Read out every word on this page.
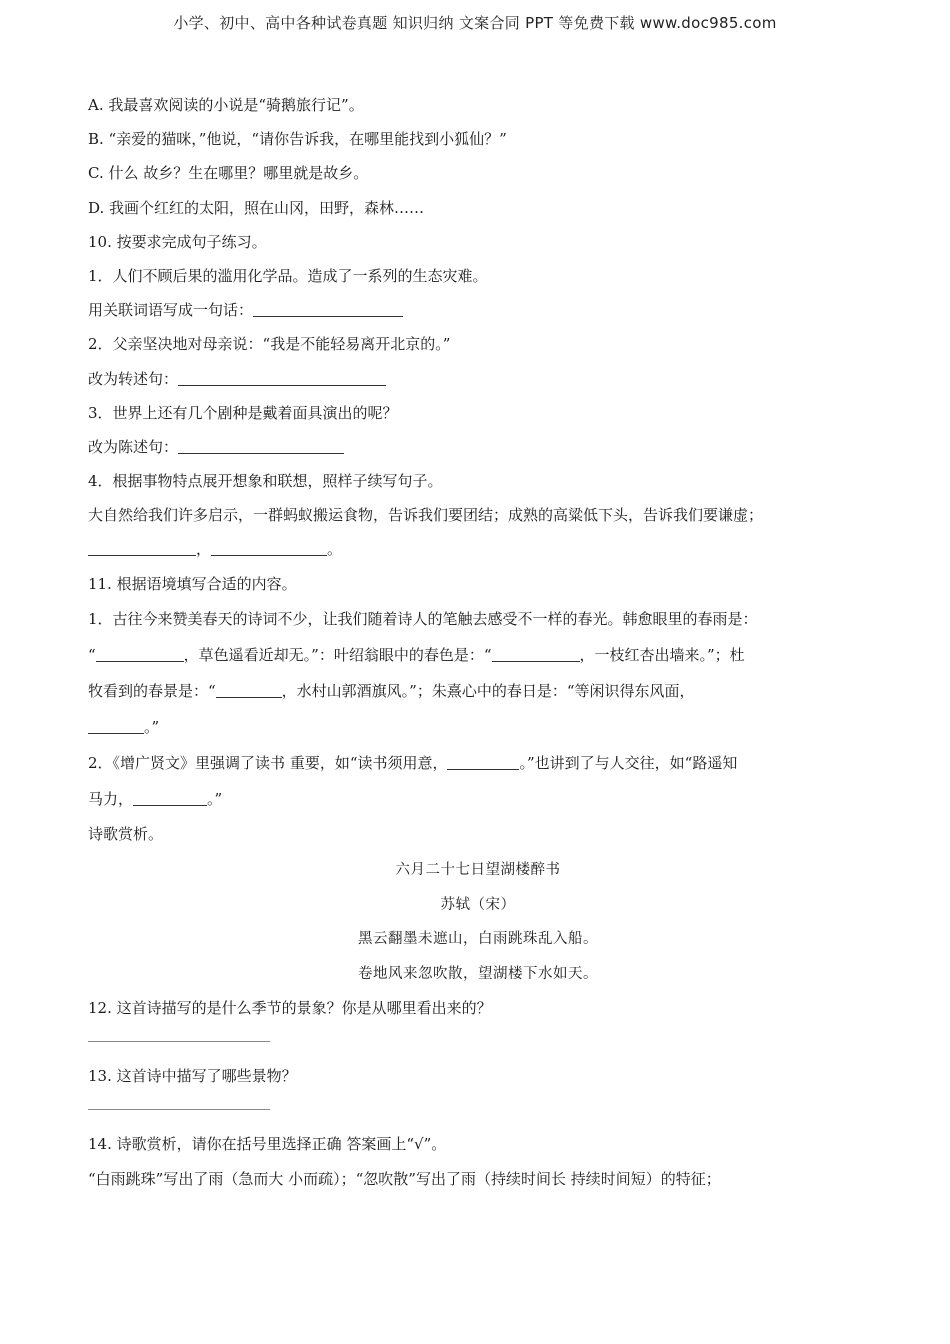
小学、初中、高中各种试卷真题 知识归纳 文案合同 PPT 等免费下载 www.doc985.com
A. 我最喜欢阅读的小说是“骑鹅旅行记”。
B. “亲爱的猫咪，”他说，“请你告诉我，在哪里能找到小狐仙？”
C. 什么 故乡？生在哪里？哪里就是故乡。
D. 我画个红红的太阳，照在山冈，田野，森林……
10. 按要求完成句子练习。
1．人们不顾后果的滥用化学品。造成了一系列的生态灾难。
用关联词语写成一句话：
2．父亲坚决地对母亲说：“我是不能轻易离开北京的。”
改为转述句：
3．世界上还有几个剧种是戴着面具演出的呢？
改为陈述句：
4．根据事物特点展开想象和联想，照样子续写句子。
大自然给我们许多启示，一群蚂蚁搬运食物，告诉我们要团结；成熟的高粱低下头，告诉我们要谦虚；
，	。
11. 根据语境填写合适的内容。
1．古往今来赞美春天的诗词不少，让我们随着诗人的笔触去感受不一样的春光。韩愈眼里的春雨是：
“	，草色遥看近却无。”：叶绍翁眼中的春色是：“	，一枝红杏出墙来。”；杜
牧看到的春景是：“	，水村山郭酒旗风。”；朱熹心中的春日是：“等闲识得东风面，
。”
2．《增广贤文》里强调了读书 重要，如“读书须用意，	。”也讲到了与人交往，如“路遥知
马力，	。”
诗歌赏析。
六月二十七日望湖楼醉书
苏轼（宋）
黑云翻墨未遮山，白雨跳珠乱入船。
卷地风来忽吹散，望湖楼下水如天。
12. 这首诗描写的是什么季节的景象？你是从哪里看出来的？
13. 这首诗中描写了哪些景物？
14. 诗歌赏析，请你在括号里选择正确 答案画上“√”。
“白雨跳珠”写出了雨（急而大 小而疏）；“忽吹散”写出了雨（持续时间长 持续时间短）的特征；
